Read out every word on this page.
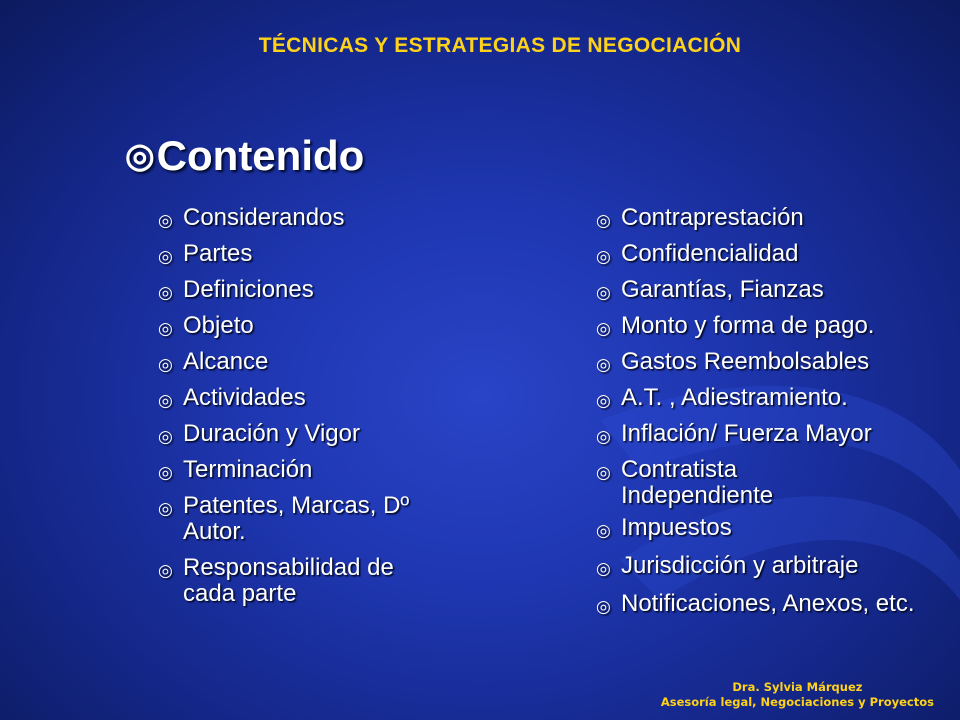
TÉCNICAS Y ESTRATEGIAS DE NEGOCIACIÓN
◎Contenido
◎ Considerandos
◎ Partes
◎ Definiciones
◎ Objeto
◎ Alcance
◎ Actividades
◎ Duración y Vigor
◎ Terminación
◎ Patentes, Marcas, Dº Autor.
◎ Responsabilidad de cada parte
◎ Contraprestación
◎ Confidencialidad
◎ Garantías, Fianzas
◎ Monto y forma de pago.
◎ Gastos Reembolsables
◎ A.T. , Adiestramiento.
◎ Inflación/ Fuerza Mayor
◎ Contratista Independiente
◎ Impuestos
◎ Jurisdicción y arbitraje
◎ Notificaciones, Anexos, etc.
Dra. Sylvia Márquez
Asesoría legal, Negociaciones y Proyectos
